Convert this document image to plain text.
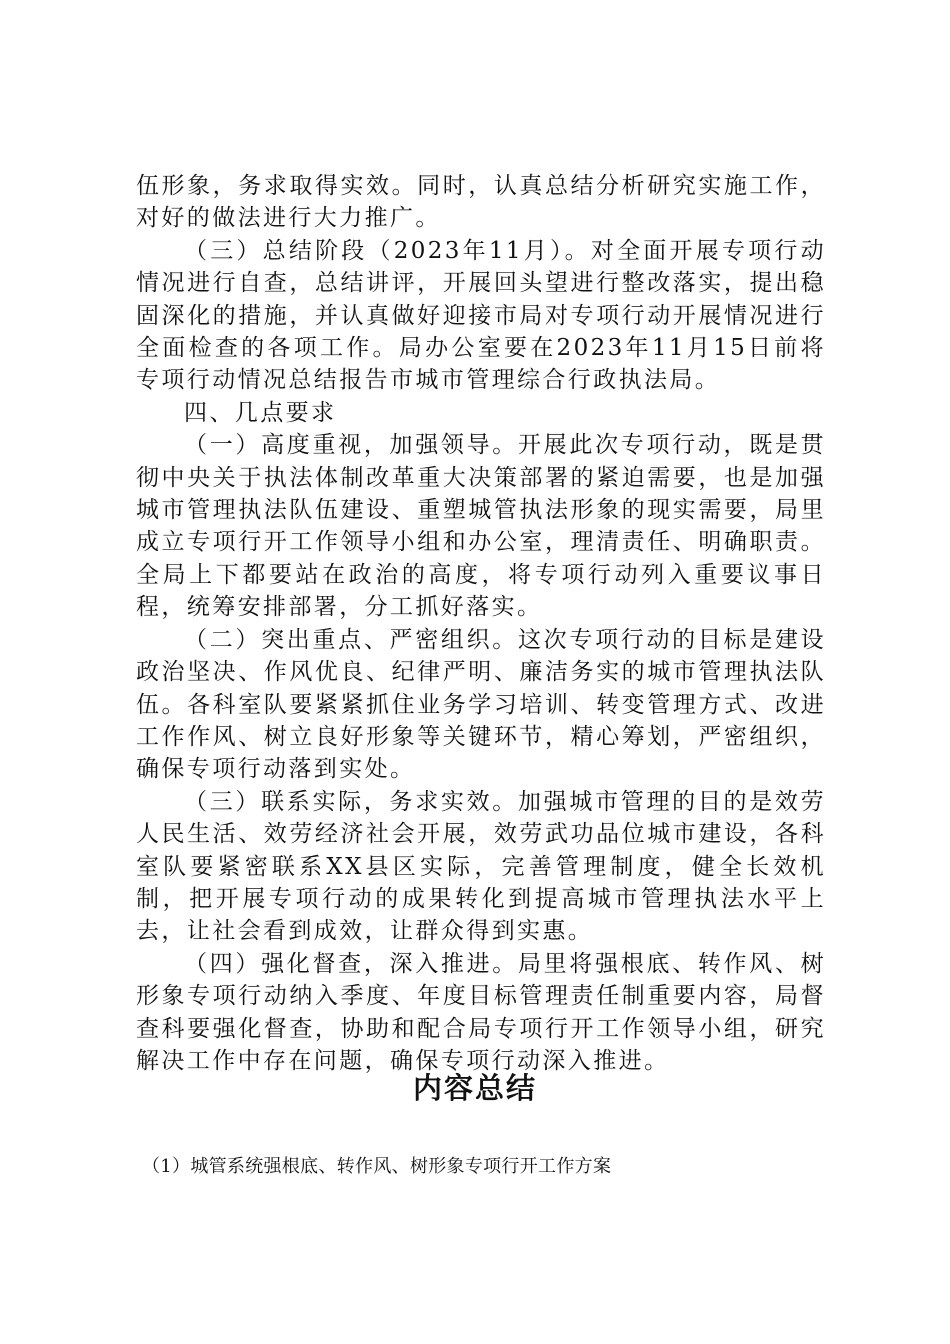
伍形象，务求取得实效。同时，认真总结分析研究实施工作，对好的做法进行大力推广。

（三）总结阶段（2023年11月）。对全面开展专项行动情况进行自查，总结讲评，开展回头望进行整改落实，提出稳固深化的措施，并认真做好迎接市局对专项行动开展情况进行全面检查的各项工作。局办公室要在2023年11月15日前将专项行动情况总结报告市城市管理综合行政执法局。

四、几点要求

（一）高度重视，加强领导。开展此次专项行动，既是贯彻中央关于执法体制改革重大决策部署的紧迫需要，也是加强城市管理执法队伍建设、重塑城管执法形象的现实需要，局里成立专项行开工作领导小组和办公室，理清责任、明确职责。全局上下都要站在政治的高度，将专项行动列入重要议事日程，统筹安排部署，分工抓好落实。

（二）突出重点、严密组织。这次专项行动的目标是建设政治坚决、作风优良、纪律严明、廉洁务实的城市管理执法队伍。各科室队要紧紧抓住业务学习培训、转变管理方式、改进工作作风、树立良好形象等关键环节，精心筹划，严密组织，确保专项行动落到实处。

（三）联系实际，务求实效。加强城市管理的目的是效劳人民生活、效劳经济社会开展，效劳武功品位城市建设，各科室队要紧密联系XX县区实际，完善管理制度，健全长效机制，把开展专项行动的成果转化到提高城市管理执法水平上去，让社会看到成效，让群众得到实惠。

（四）强化督查，深入推进。局里将强根底、转作风、树形象专项行动纳入季度、年度目标管理责任制重要内容，局督查科要强化督查，协助和配合局专项行开工作领导小组，研究解决工作中存在问题，确保专项行动深入推进。

内容总结

（1）城管系统强根底、转作风、树形象专项行开工作方案
